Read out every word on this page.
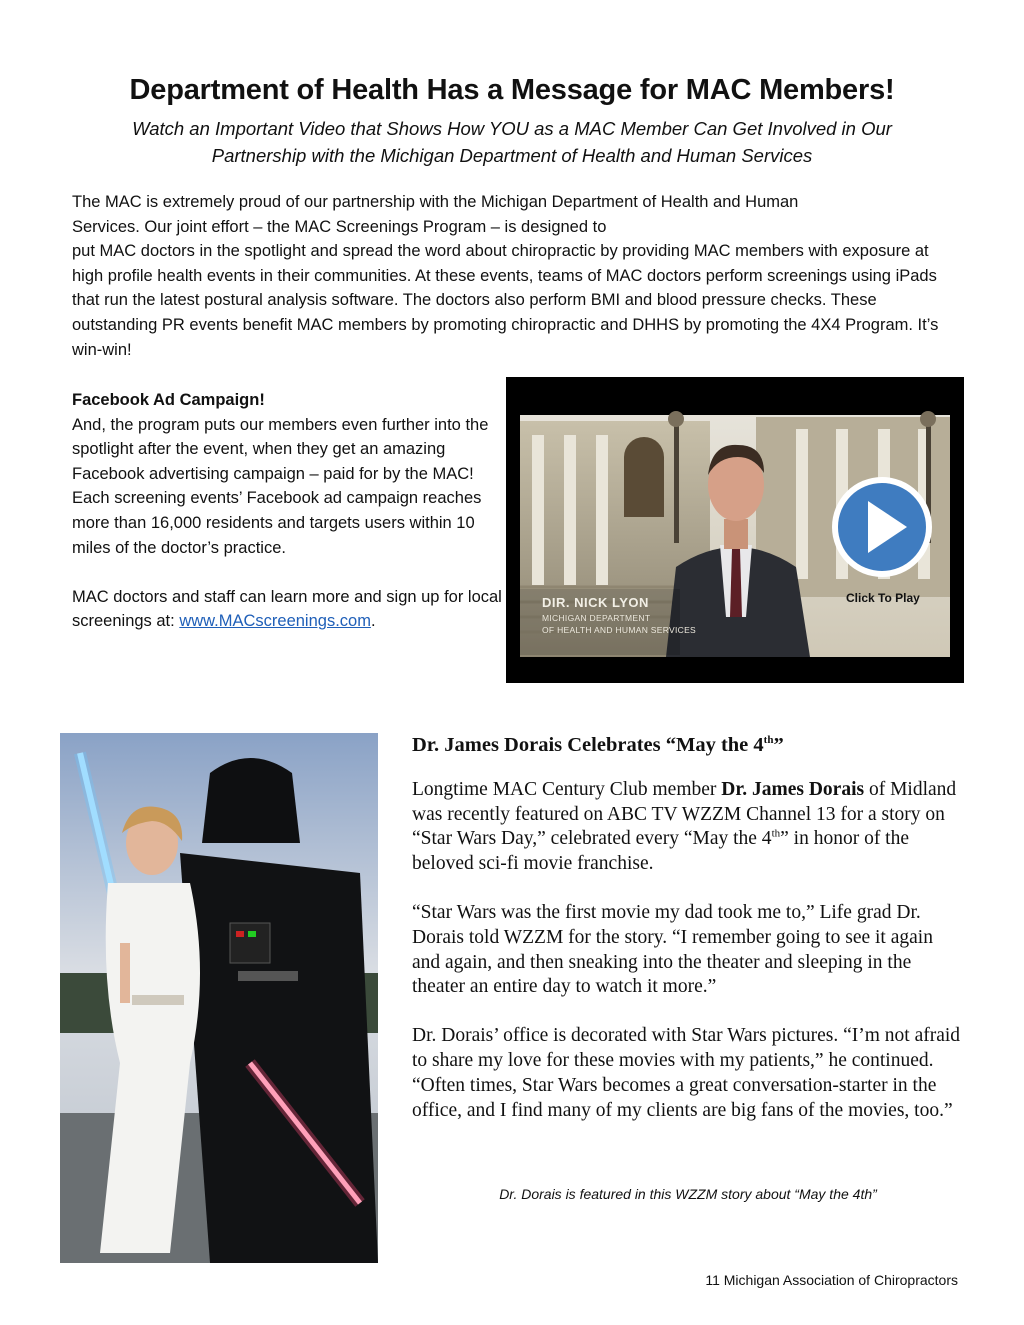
Department of Health Has a Message for MAC Members!
Watch an Important Video that Shows How YOU as a MAC Member Can Get Involved in Our
Partnership with the Michigan Department of Health and Human Services

The MAC is extremely proud of our partnership with the Michigan Department of Health and Human
Services. Our joint effort – the MAC Screenings Program – is designed to
put MAC doctors in the spotlight and spread the word about chiropractic by providing MAC members with exposure at high profile health events in their communities. At these events, teams of MAC doctors perform screenings using iPads that run the latest postural analysis software. The doctors also perform BMI and blood pressure checks. These outstanding PR events benefit MAC members by promoting chiropractic and DHHS by promoting the 4X4 Program. It’s win-win!

Facebook Ad Campaign!

And, the program puts our members even further into the spotlight after the event, when they get an amazing Facebook advertising campaign – paid for by the MAC! Each screening events’ Facebook ad campaign reaches more than 16,000 residents and targets users within 10 miles of the doctor’s practice.

MAC doctors and staff can learn more and sign up for local screenings at: www.MACscreenings.com.

DIR. NICK LYON
MICHIGAN DEPARTMENT
OF HEALTH AND HUMAN SERVICES
Click To Play
Dr. James Dorais Celebrates “May the 4th”

Longtime MAC Century Club member Dr. James Dorais of Midland was recently featured on ABC TV WZZM Channel 13 for a story on “Star Wars Day,” celebrated every “May the 4th” in honor of the beloved sci-fi movie franchise.

“Star Wars was the first movie my dad took me to,” Life grad Dr. Dorais told WZZM for the story. “I remember going to see it again and again, and then sneaking into the theater and sleeping in the theater an entire day to watch it more.”

Dr. Dorais’ office is decorated with Star Wars pictures. “I’m not afraid to share my love for these movies with my patients,” he continued. “Often times, Star Wars becomes a great conversation-starter in the office, and I find many of my clients are big fans of the movies, too.”

Dr. Dorais is featured in this WZZM story about “May the 4th”
11 Michigan Association of Chiropractors
